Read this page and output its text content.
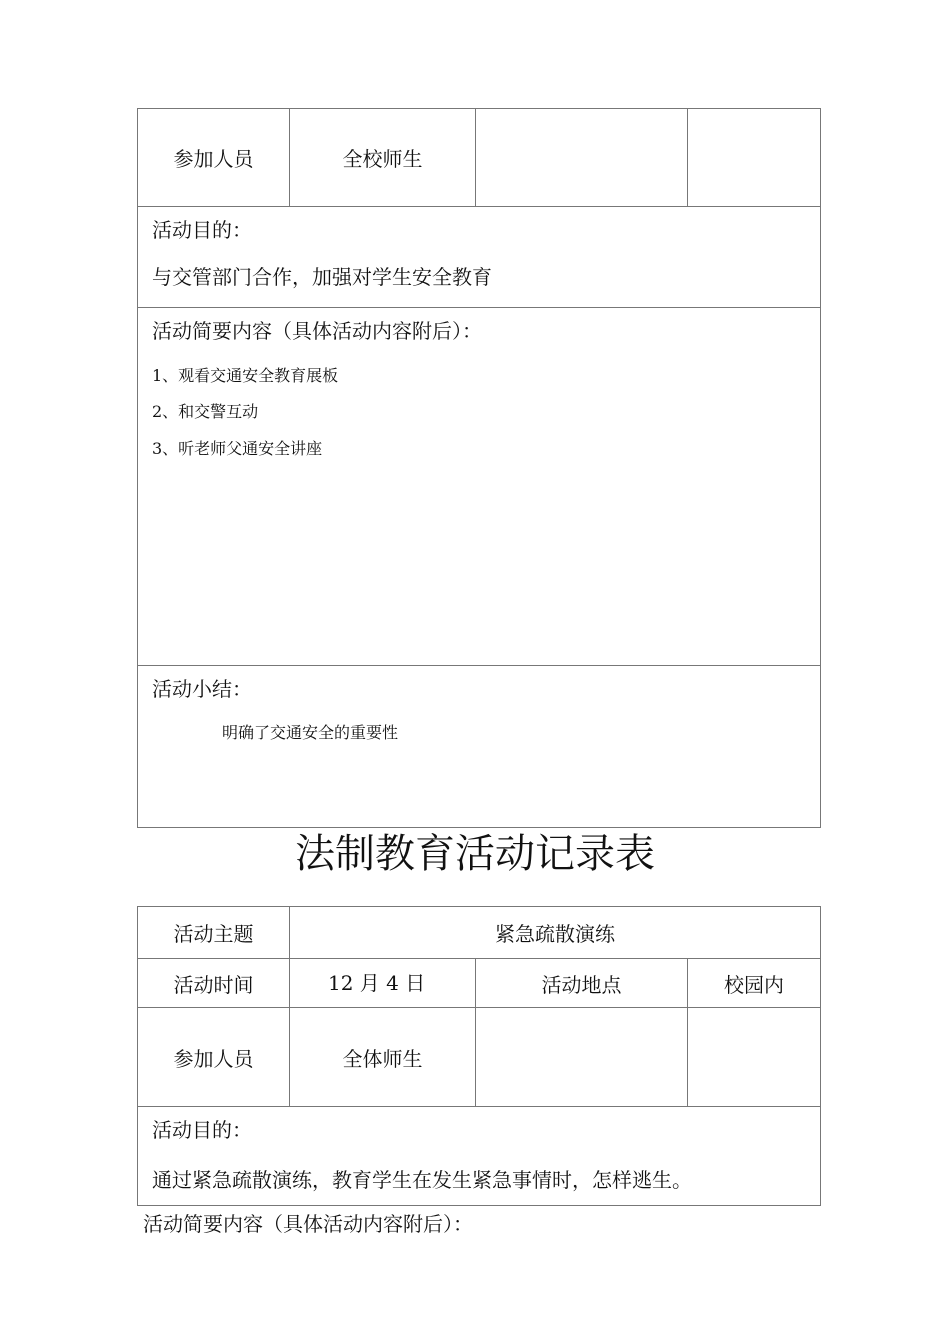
参加人员	全校师生
活动目的：
与交管部门合作，加强对学生安全教育
活动简要内容（具体活动内容附后）：
1、观看交通安全教育展板
2、和交警互动
3、听老师父通安全讲座
活动小结：
明确了交通安全的重要性
法制教育活动记录表
活动主题	紧急疏散演练
活动时间	12 月 4 日	活动地点	校园内
参加人员	全体师生
活动目的：
通过紧急疏散演练，教育学生在发生紧急事情时，怎样逃生。
活动简要内容（具体活动内容附后）：
